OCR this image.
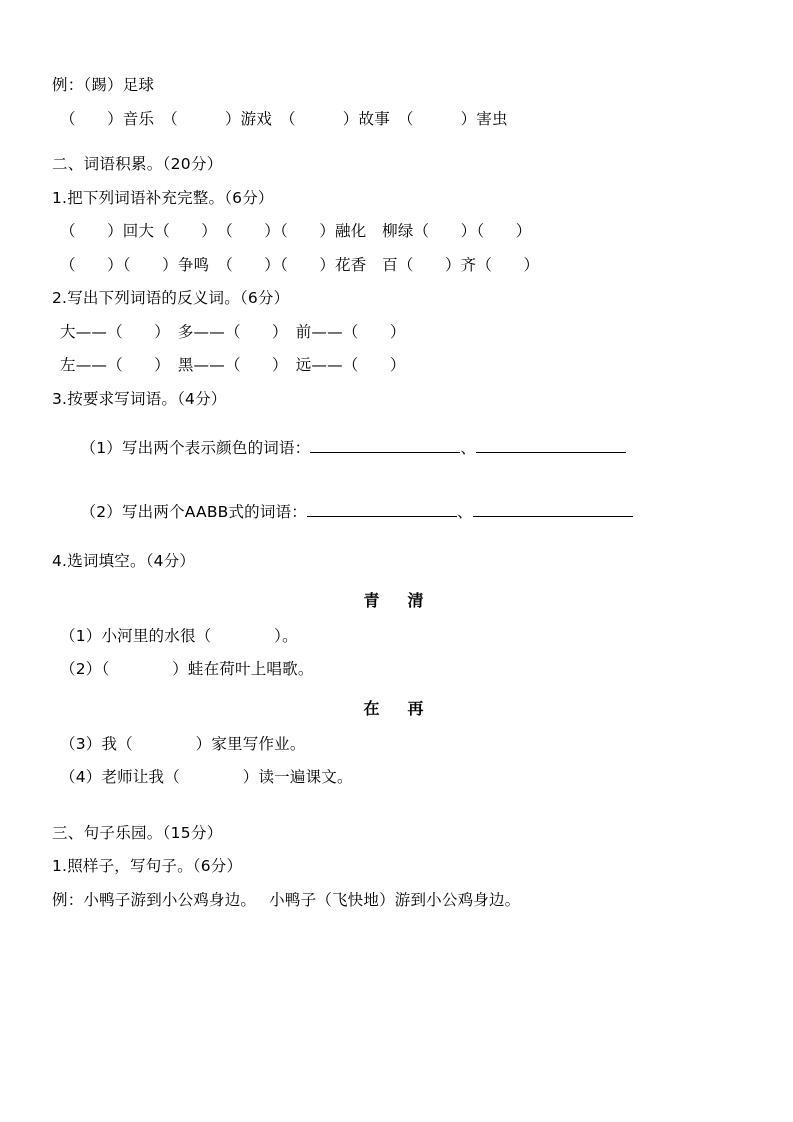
例：（踢）足球
（　　）音乐　（　　　）游戏　（　　　）故事　（　　　）害虫
二、词语积累。（20分）
1.把下列词语补充完整。（6分）
（　　）回大（　　）　（　　）（　　）融化　柳绿（　　）（　　）
（　　）（　　）争鸣　（　　）（　　）花香　百（　　）齐（　　）
2.写出下列词语的反义词。（6分）
大——（　　）　多——（　　）　前——（　　）
左——（　　）　黑——（　　）　远——（　　）
3.按要求写词语。（4分）

（1）写出两个表示颜色的词语：	、

（2）写出两个AABB式的词语：	、

4.选词填空。（4分）
青　清
（1）小河里的水很（　　　　）。
（2）（　　　　）蛙在荷叶上唱歌。
在　再
（3）我（　　　　）家里写作业。
（4）老师让我（　　　　）读一遍课文。
三、句子乐园。（15分）
1.照样子，写句子。（6分）
例：小鸭子游到小公鸡身边。　 小鸭子（飞快地）游到小公鸡身边。
